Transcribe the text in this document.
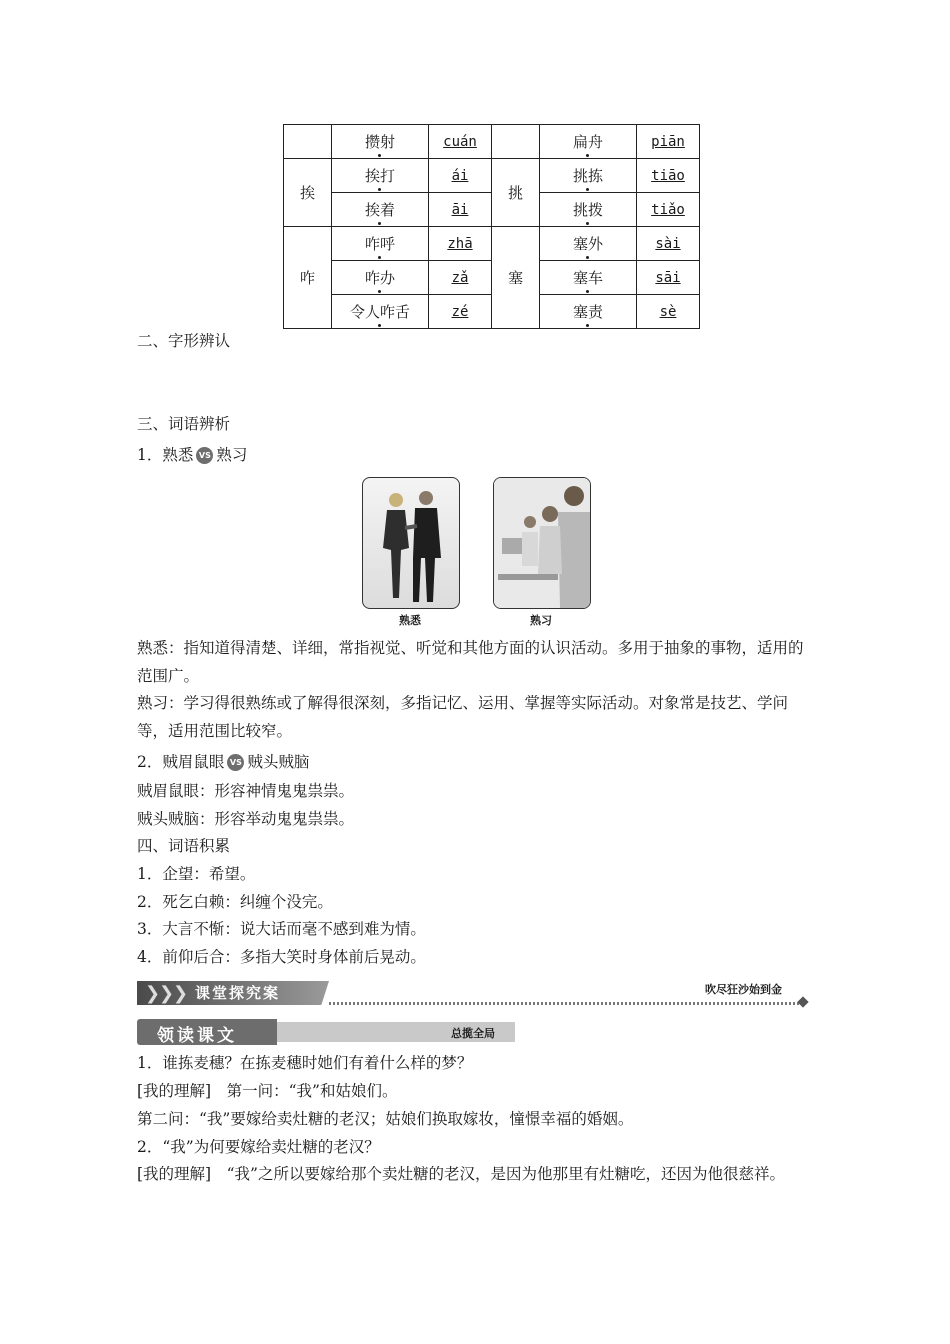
	攒射	cuán		扁舟	piān
挨	挨打	ái	挑	挑拣	tiāo
	挨着	āi		挑拨	tiǎo
咋	咋呼	zhā	塞	塞外	sài
	咋办	zǎ		塞车	sāi
	令人咋舌	zé		塞责	sè
二、字形辨认
三、词语辨析
1．熟悉 VS 熟习
熟悉	熟习
熟悉：指知道得清楚、详细，常指视觉、听觉和其他方面的认识活动。多用于抽象的事物，适用的范围广。
熟习：学习得很熟练或了解得很深刻，多指记忆、运用、掌握等实际活动。对象常是技艺、学问等，适用范围比较窄。
2．贼眉鼠眼 VS 贼头贼脑
贼眉鼠眼：形容神情鬼鬼祟祟。
贼头贼脑：形容举动鬼鬼祟祟。
四、词语积累
1．企望：希望。
2．死乞白赖：纠缠个没完。
3．大言不惭：说大话而毫不感到难为情。
4．前仰后合：多指大笑时身体前后晃动。
❯
❯
❯ 课堂探究案	吹尽狂沙始到金
领读课文	总揽全局
1．谁拣麦穗？在拣麦穗时她们有着什么样的梦？
[我的理解]　第一问：“我”和姑娘们。
第二问：“我”要嫁给卖灶糖的老汉；姑娘们换取嫁妆，憧憬幸福的婚姻。
2．“我”为何要嫁给卖灶糖的老汉？
[我的理解]　“我”之所以要嫁给那个卖灶糖的老汉，是因为他那里有灶糖吃，还因为他很慈祥。
